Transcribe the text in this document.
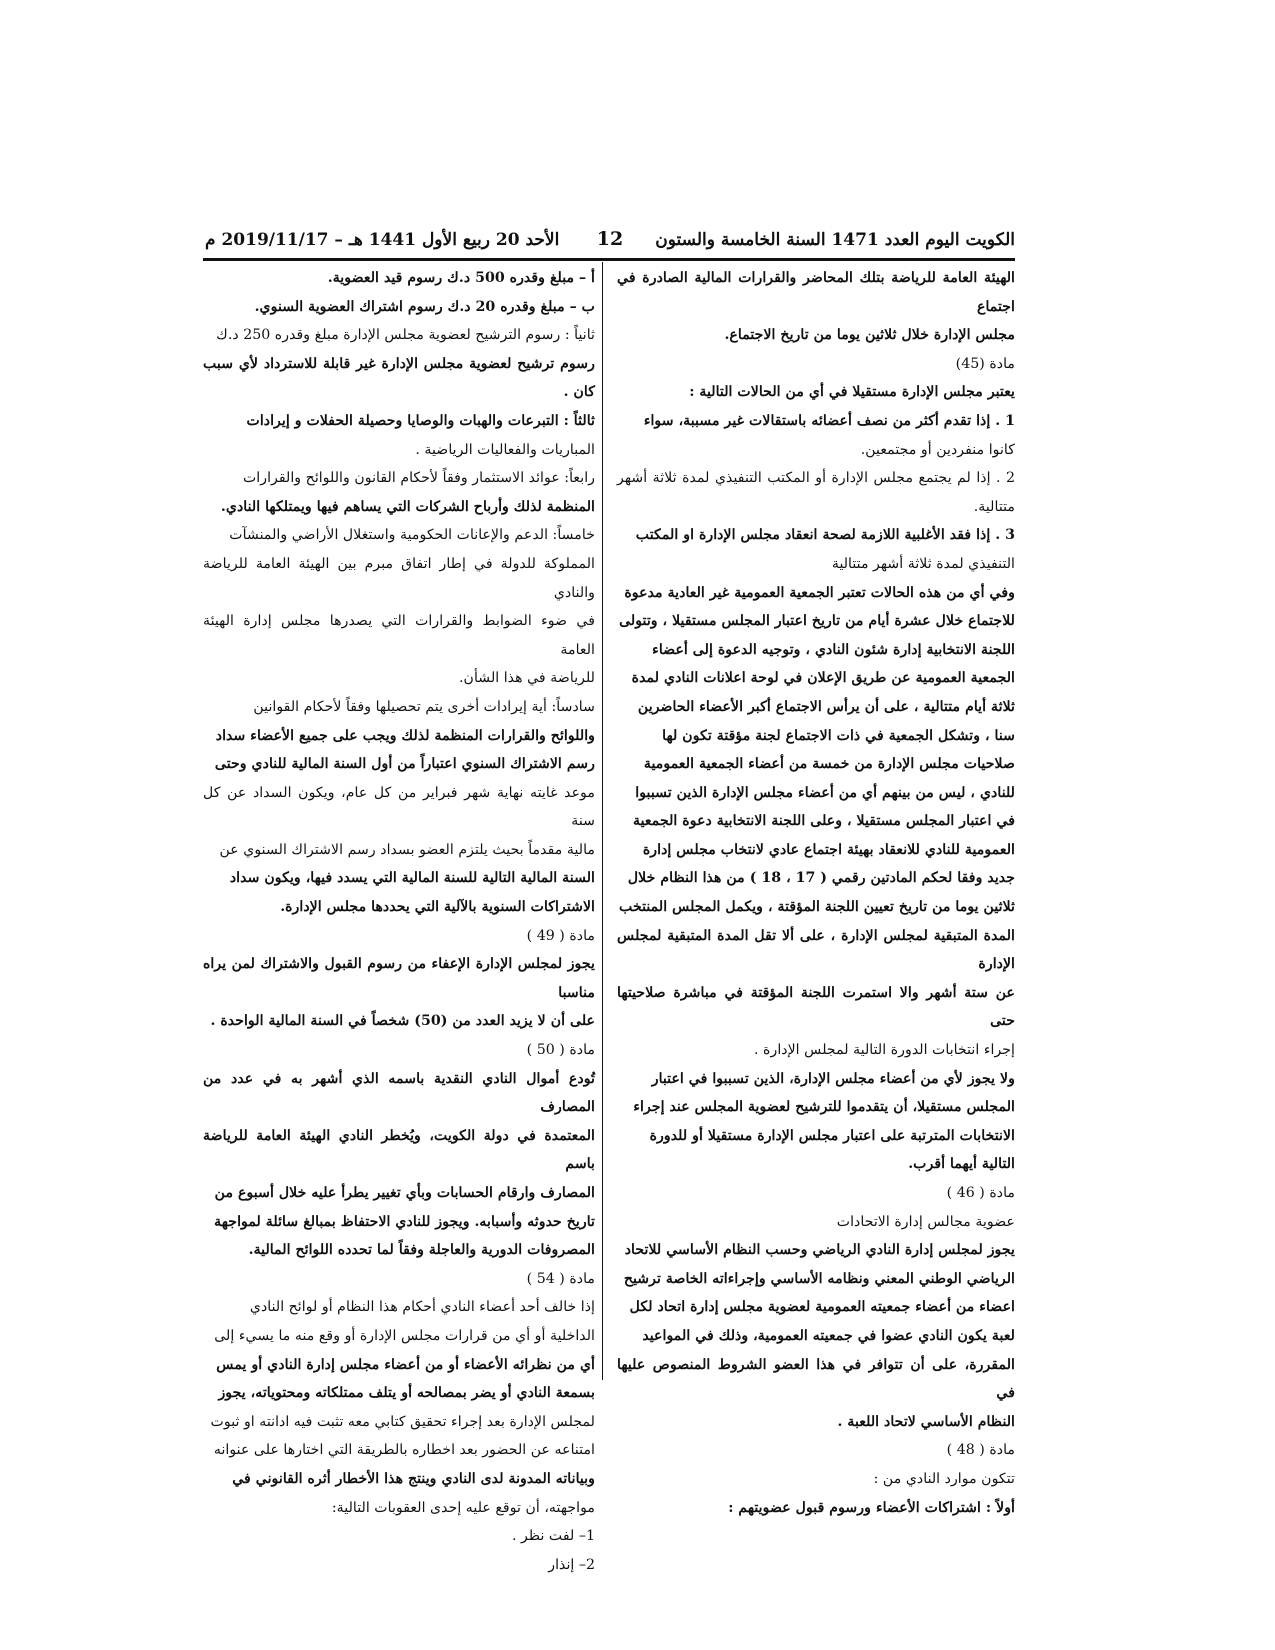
الكويت اليوم العدد 1471 السنة الخامسة والستون
12
الأحد 20 ربيع الأول 1441 هـ – 2019/11/17 م

الهيئة العامة للرياضة بتلك المحاضر والقرارات المالية الصادرة في اجتماع

مجلس الإدارة خلال ثلاثين يوما من تاريخ الاجتماع.

مادة (45)

يعتبر مجلس الإدارة مستقيلا في أي من الحالات التالية :

1 . إذا تقدم أكثر من نصف أعضائه باستقالات غير مسببة، سواء

كانوا منفردين أو مجتمعين.

2 . إذا لم يجتمع مجلس الإدارة أو المكتب التنفيذي لمدة ثلاثة أشهر متتالية.

3 . إذا فقد الأغلبية اللازمة لصحة انعقاد مجلس الإدارة او المكتب

التنفيذي لمدة ثلاثة أشهر متتالية

وفي أي من هذه الحالات تعتبر الجمعية العمومية غير العادية مدعوة

للاجتماع خلال عشرة أيام من تاريخ اعتبار المجلس مستقيلا ، وتتولى

اللجنة الانتخابية إدارة شئون النادي ، وتوجيه الدعوة إلى أعضاء

الجمعية العمومية عن طريق الإعلان في لوحة اعلانات النادي لمدة

ثلاثة أيام متتالية ، على أن يرأس الاجتماع أكبر الأعضاء الحاضرين

سنا ، وتشكل الجمعية في ذات الاجتماع لجنة مؤقتة تكون لها

صلاحيات مجلس الإدارة من خمسة من أعضاء الجمعية العمومية

للنادي ، ليس من بينهم أي من أعضاء مجلس الإدارة الذين تسببوا

في اعتبار المجلس مستقيلا ، وعلى اللجنة الانتخابية دعوة الجمعية

العمومية للنادي للانعقاد بهيئة اجتماع عادي لانتخاب مجلس إدارة

جديد وفقا لحكم المادتين رقمي ( 17 ، 18 ) من هذا النظام خلال

ثلاثين يوما من تاريخ تعيين اللجنة المؤقتة ، ويكمل المجلس المنتخب

المدة المتبقية لمجلس الإدارة ، على ألا تقل المدة المتبقية لمجلس الإدارة

عن ستة أشهر والا استمرت اللجنة المؤقتة في مباشرة صلاحيتها حتى

إجراء انتخابات الدورة التالية لمجلس الإدارة .

ولا يجوز لأي من أعضاء مجلس الإدارة، الذين تسببوا في اعتبار

المجلس مستقيلا، أن يتقدموا للترشيح لعضوية المجلس عند إجراء

الانتخابات المترتبة على اعتبار مجلس الإدارة مستقيلا أو للدورة

التالية أيهما أقرب.

مادة ( 46 )

عضوية مجالس إدارة الاتحادات

يجوز لمجلس إدارة النادي الرياضي وحسب النظام الأساسي للاتحاد

الرياضي الوطني المعني ونظامه الأساسي وإجراءاته الخاصة ترشيح

اعضاء من أعضاء جمعيته العمومية لعضوية مجلس إدارة اتحاد لكل

لعبة يكون النادي عضوا في جمعيته العمومية، وذلك في المواعيد

المقررة، على أن تتوافر في هذا العضو الشروط المنصوص عليها في

النظام الأساسي لاتحاد اللعبة .

مادة ( 48 )

تتكون موارد النادي من :

أولاً : اشتراكات الأعضاء ورسوم قبول عضويتهم :

أ – مبلغ وقدره 500 د.ك رسوم قيد العضوية.

ب – مبلغ وقدره 20 د.ك رسوم اشتراك العضوية السنوي.

ثانياً : رسوم الترشيح لعضوية مجلس الإدارة مبلغ وقدره 250 د.ك

رسوم ترشيح لعضوية مجلس الإدارة غير قابلة للاسترداد لأي سبب كان .

ثالثاً : التبرعات والهبات والوصايا وحصيلة الحفلات و إيرادات

المباريات والفعاليات الرياضية .

رابعاً: عوائد الاستثمار وفقاً لأحكام القانون واللوائح والقرارات

المنظمة لذلك وأرباح الشركات التي يساهم فيها ويمتلكها النادي.

خامساً: الدعم والإعانات الحكومية واستغلال الأراضي والمنشآت

المملوكة للدولة في إطار اتفاق مبرم بين الهيئة العامة للرياضة والنادي

في ضوء الضوابط والقرارات التي يصدرها مجلس إدارة الهيئة العامة

للرياضة في هذا الشأن.

سادساً: أية إيرادات أخرى يتم تحصيلها وفقاً لأحكام القوانين

واللوائح والقرارات المنظمة لذلك ويجب على جميع الأعضاء سداد

رسم الاشتراك السنوي اعتباراً من أول السنة المالية للنادي وحتى

موعد غايته نهاية شهر فبراير من كل عام، ويكون السداد عن كل سنة

مالية مقدماً بحيث يلتزم العضو بسداد رسم الاشتراك السنوي عن

السنة المالية التالية للسنة المالية التي يسدد فيها، ويكون سداد

الاشتراكات السنوية بالآلية التي يحددها مجلس الإدارة.

مادة ( 49 )

يجوز لمجلس الإدارة الإعفاء من رسوم القبول والاشتراك لمن يراه مناسبا

على أن لا يزيد العدد من (50) شخصاً في السنة المالية الواحدة .

مادة ( 50 )

تُودع أموال النادي النقدية باسمه الذي أشهر به في عدد من المصارف

المعتمدة في دولة الكويت، ويُخطر النادي الهيئة العامة للرياضة باسم

المصارف وارقام الحسابات وبأي تغيير يطرأ عليه خلال أسبوع من

تاريخ حدوثه وأسبابه. ويجوز للنادي الاحتفاظ بمبالغ سائلة لمواجهة

المصروفات الدورية والعاجلة وفقاً لما تحدده اللوائح المالية.

مادة ( 54 )

إذا خالف أحد أعضاء النادي أحكام هذا النظام أو لوائح النادي

الداخلية أو أي من قرارات مجلس الإدارة أو وقع منه ما يسيء إلى

أي من نظرائه الأعضاء أو من أعضاء مجلس إدارة النادي أو يمس

بسمعة النادي أو يضر بمصالحه أو يتلف ممتلكاته ومحتوياته، يجوز

لمجلس الإدارة بعد إجراء تحقيق كتابي معه تثبت فيه ادانته او ثبوت

امتناعه عن الحضور بعد اخطاره بالطريقة التي اختارها على عنوانه

وبياناته المدونة لدى النادي وينتج هذا الأخطار أثره القانوني في

مواجهته، أن توقع عليه إحدى العقوبات التالية:

1– لفت نظر .

2– إنذار
